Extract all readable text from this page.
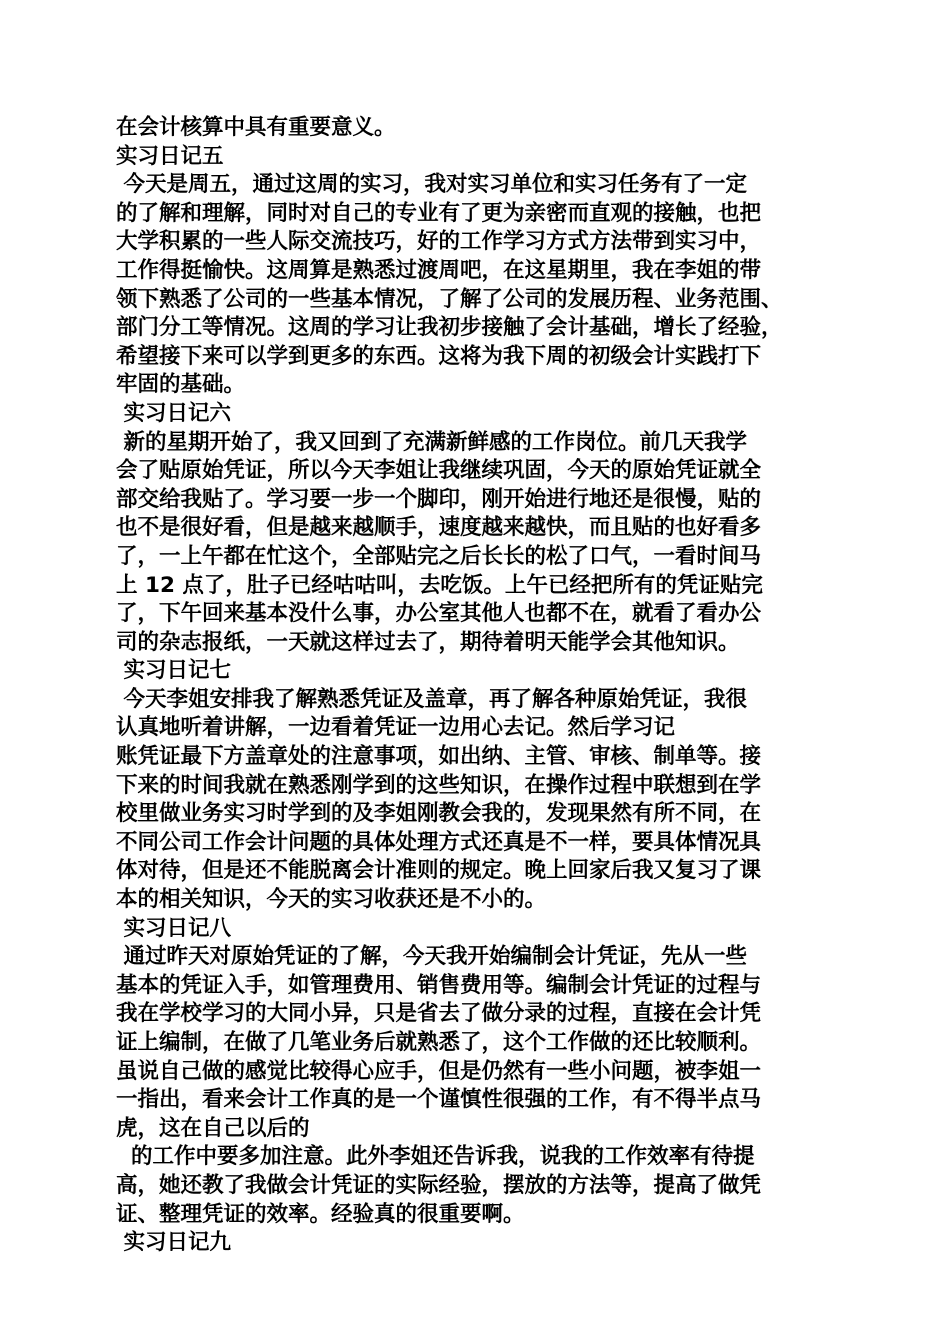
在会计核算中具有重要意义。
实习日记五
今天是周五，通过这周的实习，我对实习单位和实习任务有了一定
的了解和理解，同时对自己的专业有了更为亲密而直观的接触，也把
大学积累的一些人际交流技巧，好的工作学习方式方法带到实习中，
工作得挺愉快。这周算是熟悉过渡周吧，在这星期里，我在李姐的带
领下熟悉了公司的一些基本情况，了解了公司的发展历程、业务范围、
部门分工等情况。这周的学习让我初步接触了会计基础，增长了经验，
希望接下来可以学到更多的东西。这将为我下周的初级会计实践打下
牢固的基础。
实习日记六
新的星期开始了，我又回到了充满新鲜感的工作岗位。前几天我学
会了贴原始凭证，所以今天李姐让我继续巩固，今天的原始凭证就全
部交给我贴了。学习要一步一个脚印，刚开始进行地还是很慢，贴的
也不是很好看，但是越来越顺手，速度越来越快，而且贴的也好看多
了，一上午都在忙这个，全部贴完之后长长的松了口气，一看时间马
上 12 点了，肚子已经咕咕叫，去吃饭。上午已经把所有的凭证贴完
了，下午回来基本没什么事，办公室其他人也都不在，就看了看办公
司的杂志报纸，一天就这样过去了，期待着明天能学会其他知识。
实习日记七
今天李姐安排我了解熟悉凭证及盖章，再了解各种原始凭证，我很
认真地听着讲解，一边看着凭证一边用心去记。然后学习记
账凭证最下方盖章处的注意事项，如出纳、主管、审核、制单等。接
下来的时间我就在熟悉刚学到的这些知识，在操作过程中联想到在学
校里做业务实习时学到的及李姐刚教会我的，发现果然有所不同，在
不同公司工作会计问题的具体处理方式还真是不一样，要具体情况具
体对待，但是还不能脱离会计准则的规定。晚上回家后我又复习了课
本的相关知识，今天的实习收获还是不小的。
实习日记八
通过昨天对原始凭证的了解，今天我开始编制会计凭证，先从一些
基本的凭证入手，如管理费用、销售费用等。编制会计凭证的过程与
我在学校学习的大同小异，只是省去了做分录的过程，直接在会计凭
证上编制，在做了几笔业务后就熟悉了，这个工作做的还比较顺利。
虽说自己做的感觉比较得心应手，但是仍然有一些小问题，被李姐一
一指出，看来会计工作真的是一个谨慎性很强的工作，有不得半点马
虎，这在自己以后的
的工作中要多加注意。此外李姐还告诉我，说我的工作效率有待提
高，她还教了我做会计凭证的实际经验，摆放的方法等，提高了做凭
证、整理凭证的效率。经验真的很重要啊。
实习日记九
